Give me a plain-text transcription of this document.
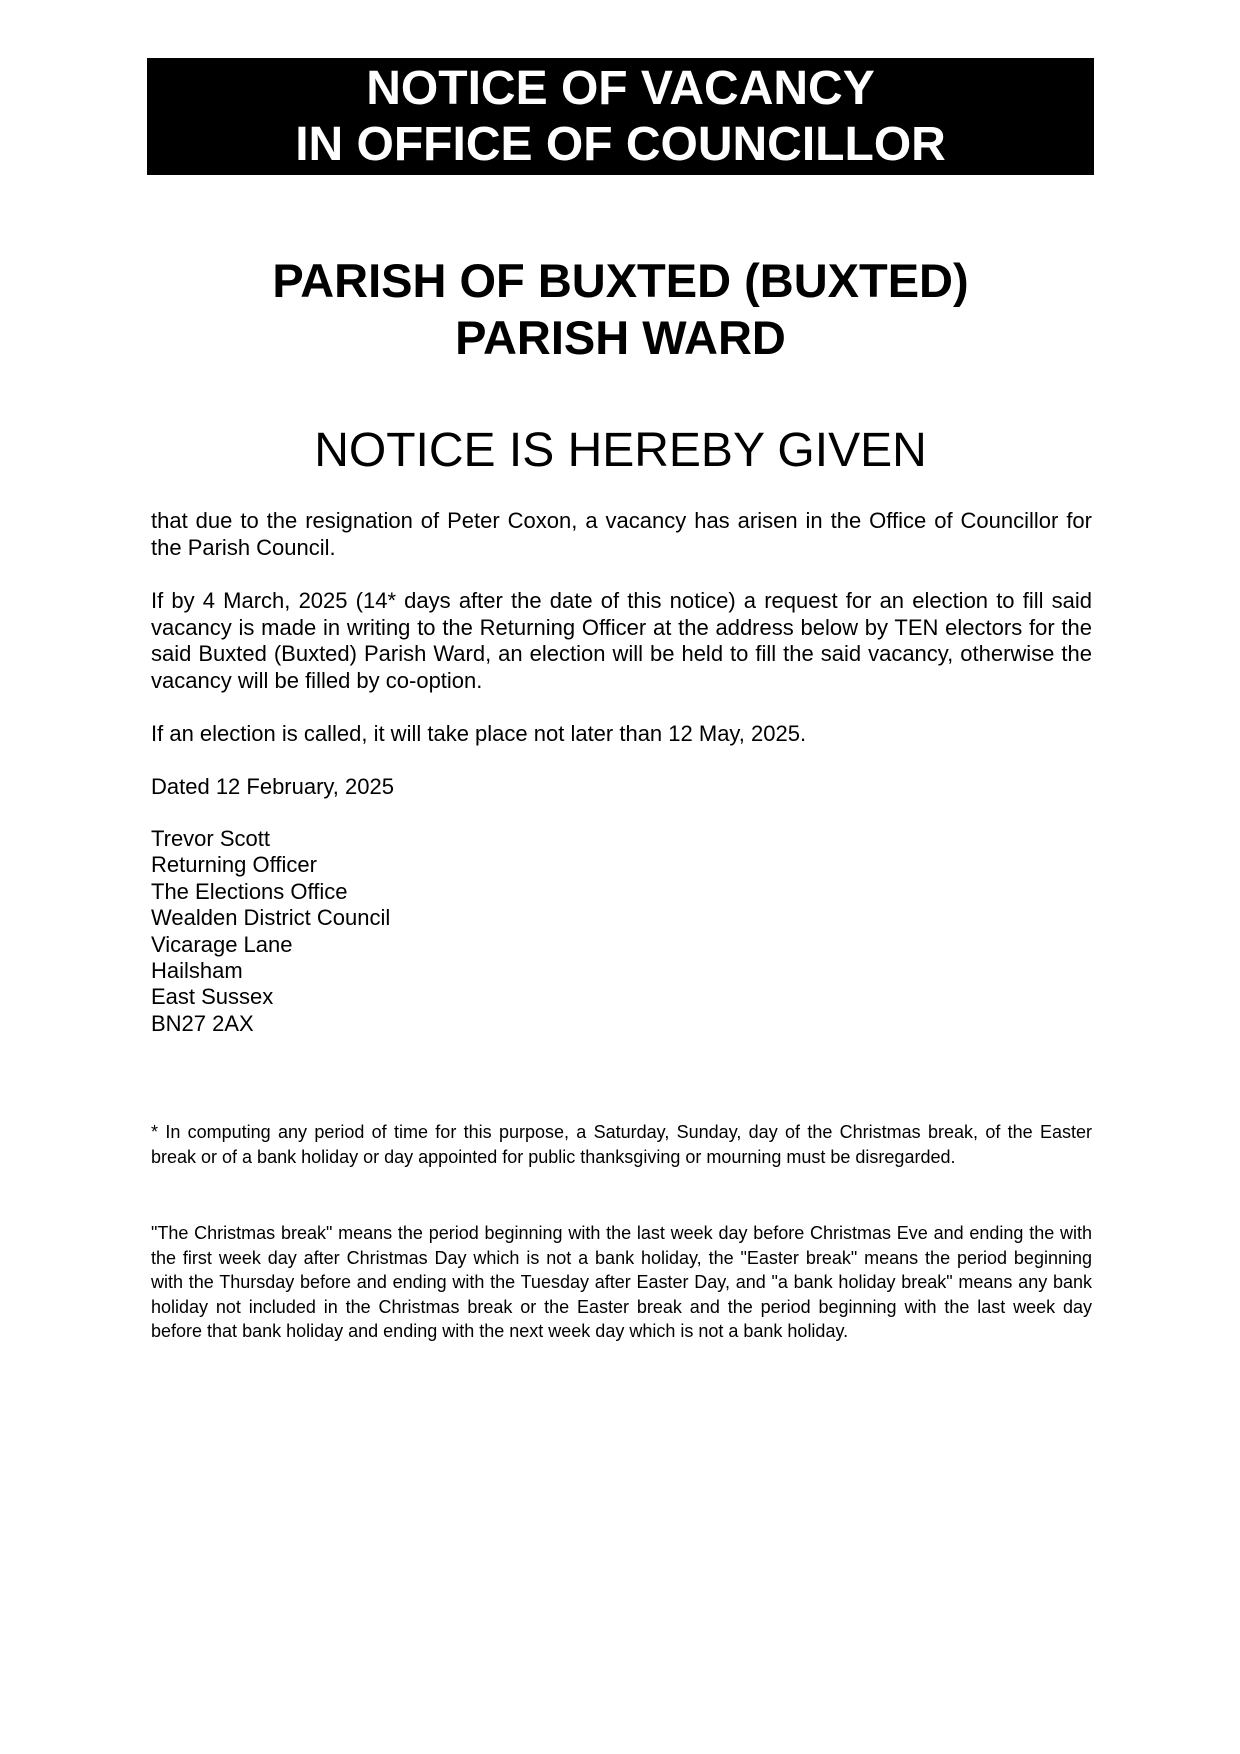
NOTICE OF VACANCY
IN OFFICE OF COUNCILLOR
PARISH OF BUXTED (BUXTED)
PARISH WARD
NOTICE IS HEREBY GIVEN
that due to the resignation of Peter Coxon, a vacancy has arisen in the Office of Councillor for the Parish Council.
If by 4 March, 2025 (14* days after the date of this notice) a request for an election to fill said vacancy is made in writing to the Returning Officer at the address below by TEN electors for the said Buxted (Buxted) Parish Ward, an election will be held to fill the said vacancy, otherwise the vacancy will be filled by co-option.
If an election is called, it will take place not later than 12 May, 2025.
Dated 12 February, 2025
Trevor Scott
Returning Officer
The Elections Office
Wealden District Council
Vicarage Lane
Hailsham
East Sussex
BN27 2AX
* In computing any period of time for this purpose, a Saturday, Sunday, day of the Christmas break, of the Easter break or of a bank holiday or day appointed for public thanksgiving or mourning must be disregarded.
"The Christmas break" means the period beginning with the last week day before Christmas Eve and ending the with the first week day after Christmas Day which is not a bank holiday, the "Easter break" means the period beginning with the Thursday before and ending with the Tuesday after Easter Day, and "a bank holiday break" means any bank holiday not included in the Christmas break or the Easter break and the period beginning with the last week day before that bank holiday and ending with the next week day which is not a bank holiday.
